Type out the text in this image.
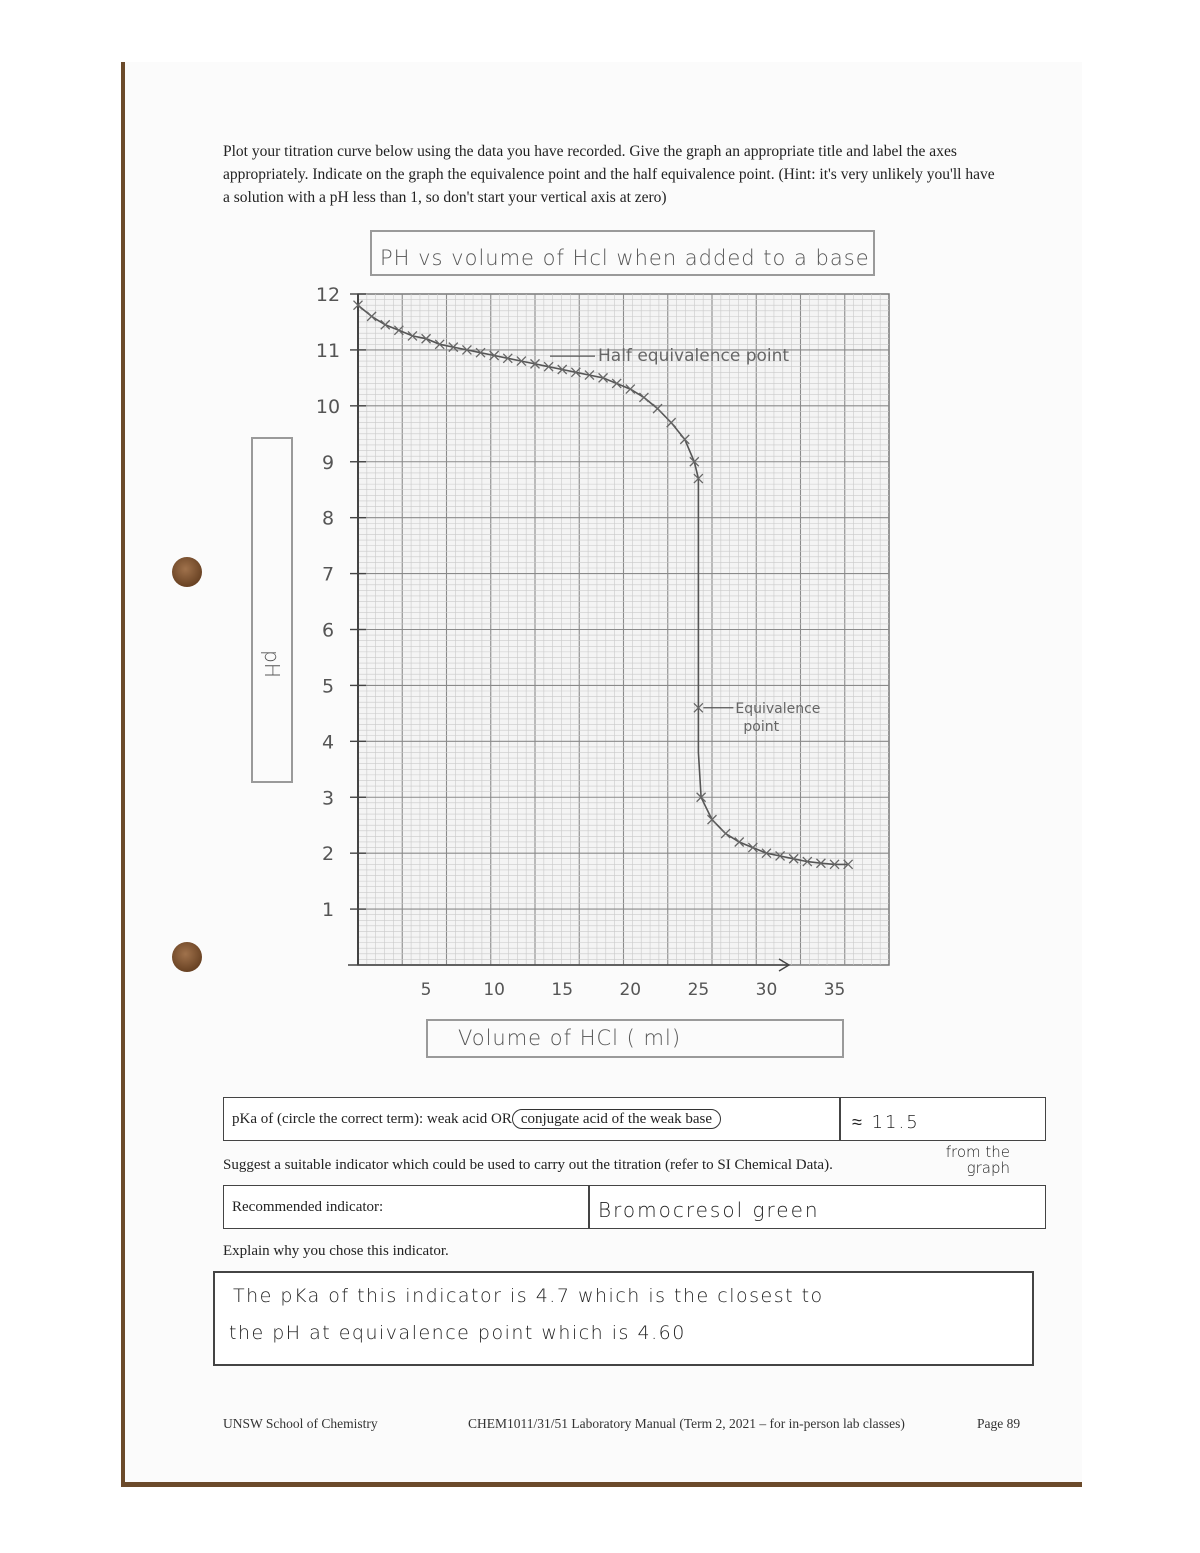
Plot your titration curve below using the data you have recorded. Give the graph an appropriate title and label the axes appropriately. Indicate on the graph the equivalence point and the half equivalence point. (Hint: it's very unlikely you'll have a solution with a pH less than 1, so don't start your vertical axis at zero)
PH vs volume of Hcl when added to a base
pH
1
2
3
4
5
6
7
8
9
10
11
12
5	10	15	20	25	30	35
Half equivalence point
Equivalence
point
Volume of HCl ( ml)
pKa of (circle the correct term): weak acid OR conjugate acid of the weak base	≈ 11.5
from the graph
Suggest a suitable indicator which could be used to carry out the titration (refer to SI Chemical Data).
Recommended indicator:	Bromocresol green
Explain why you chose this indicator.
The pKa of this indicator is 4.7 which is the closest to
the pH at equivalence point which is 4.60
UNSW School of Chemistry	CHEM1011/31/51 Laboratory Manual (Term 2, 2021 – for in-person lab classes)	Page 89
